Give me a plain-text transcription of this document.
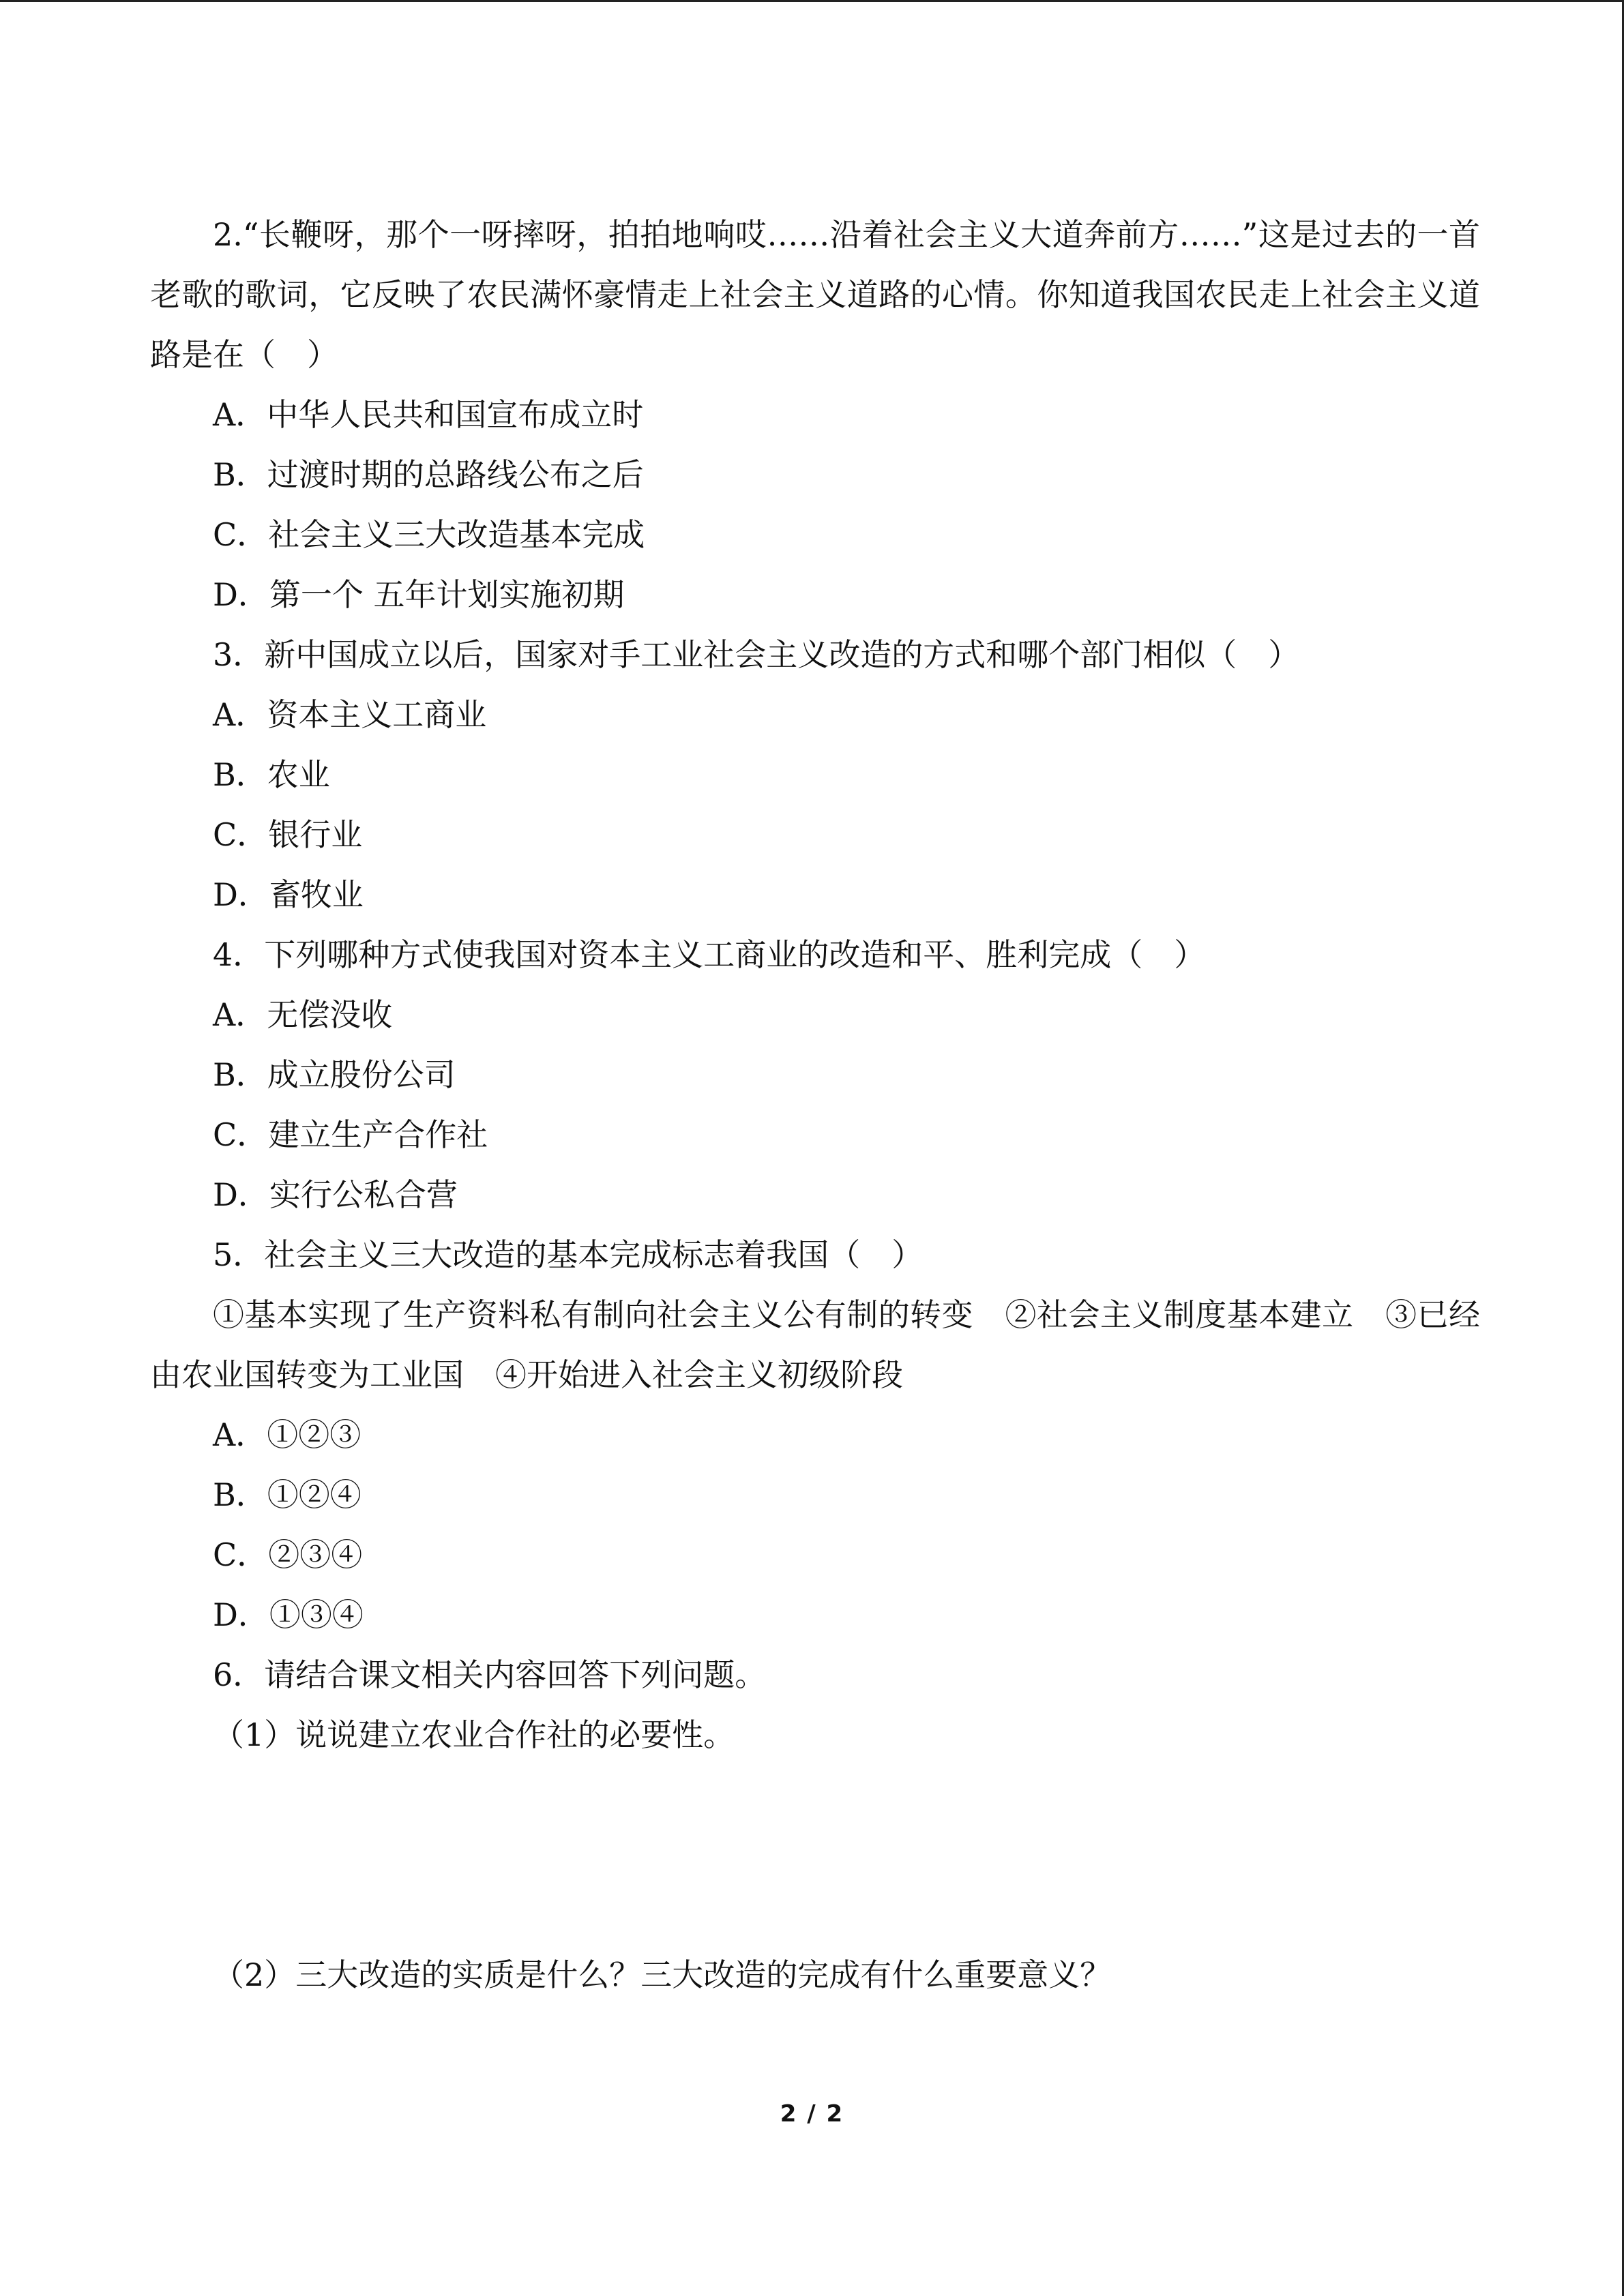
2.“长鞭呀，那个一呀摔呀，拍拍地响哎……沿着社会主义大道奔前方……”这是过去的一首老歌的歌词，它反映了农民满怀豪情走上社会主义道路的心情。你知道我国农民走上社会主义道路是在（　）
A．中华人民共和国宣布成立时
B．过渡时期的总路线公布之后
C．社会主义三大改造基本完成
D．第一个 五年计划实施初期
3．新中国成立以后，国家对手工业社会主义改造的方式和哪个部门相似（　）
A．资本主义工商业
B．农业
C．银行业
D．畜牧业
4．下列哪种方式使我国对资本主义工商业的改造和平、胜利完成（　）
A．无偿没收
B．成立股份公司
C．建立生产合作社
D．实行公私合营
5．社会主义三大改造的基本完成标志着我国（　）
①基本实现了生产资料私有制向社会主义公有制的转变　②社会主义制度基本建立　③已经由农业国转变为工业国　④开始进入社会主义初级阶段
A．①②③
B．①②④
C．②③④
D．①③④
6．请结合课文相关内容回答下列问题。
（1）说说建立农业合作社的必要性。
（2）三大改造的实质是什么？三大改造的完成有什么重要意义？
2 / 2
